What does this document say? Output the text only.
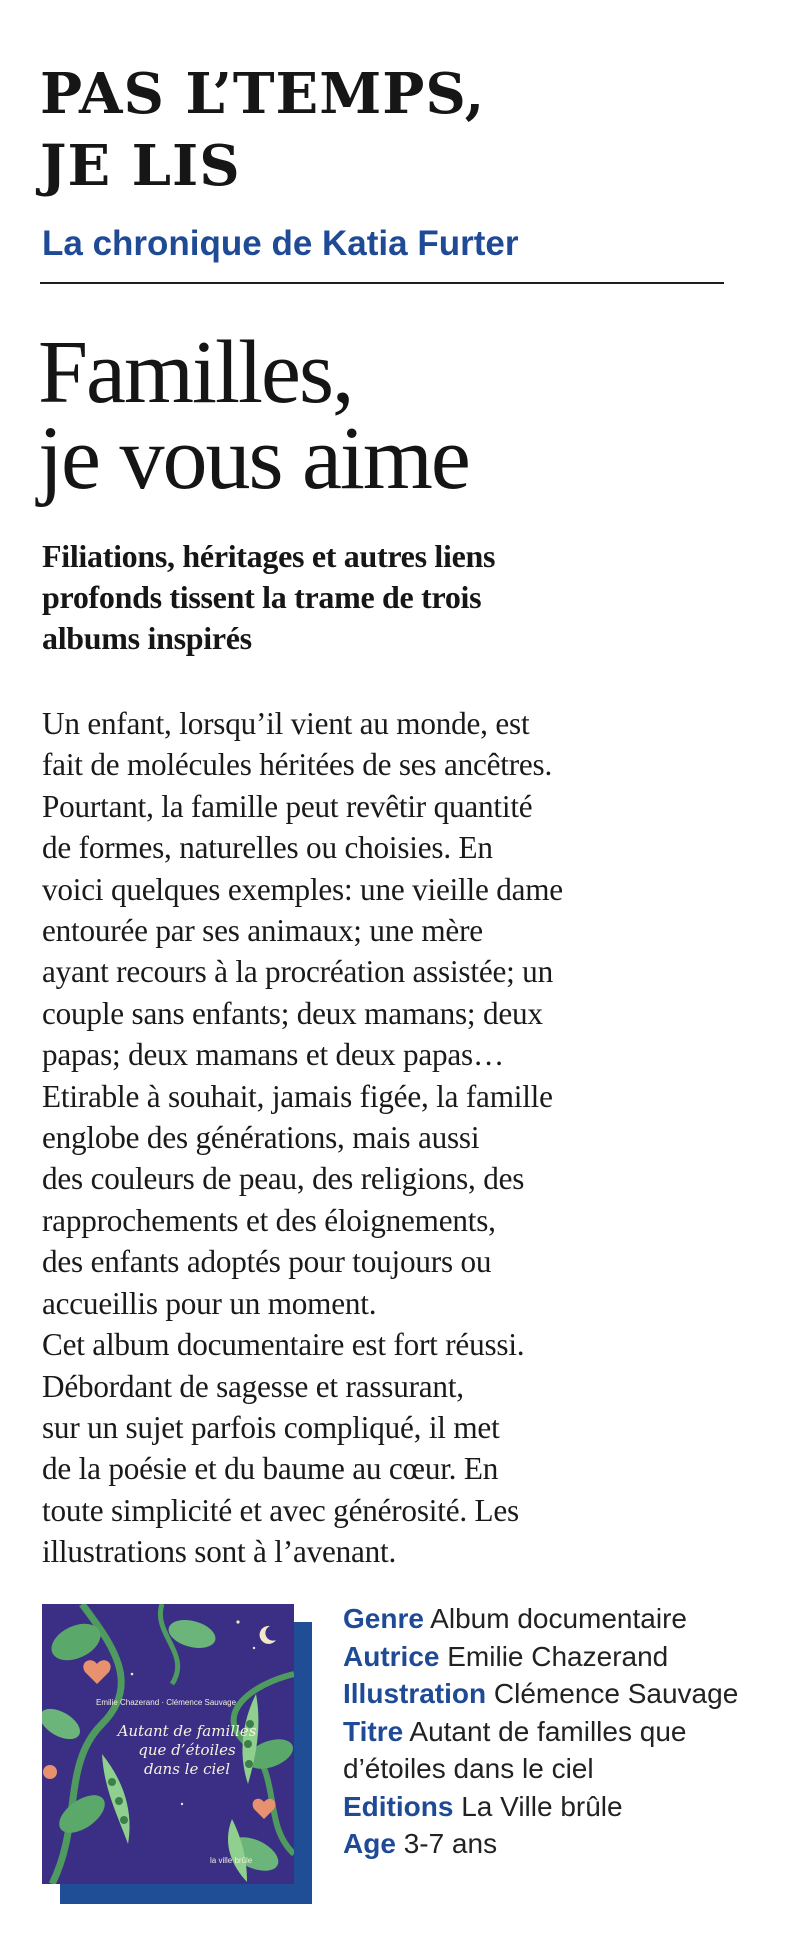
PAS L’TEMPS,
JE LIS
La chronique de Katia Furter
Familles,
je vous aime
Filiations, héritages et autres liens
profonds tissent la trame de trois
albums inspirés
Un enfant, lorsqu’il vient au monde, est
fait de molécules héritées de ses ancêtres.
Pourtant, la famille peut revêtir quantité
de formes, naturelles ou choisies. En
voici quelques exemples: une vieille dame
entourée par ses animaux; une mère
ayant recours à la procréation assistée; un
couple sans enfants; deux mamans; deux
papas; deux mamans et deux papas…
Etirable à souhait, jamais figée, la famille
englobe des générations, mais aussi
des couleurs de peau, des religions, des
rapprochements et des éloignements,
des enfants adoptés pour toujours ou
accueillis pour un moment.
Cet album documentaire est fort réussi.
Débordant de sagesse et rassurant,
sur un sujet parfois compliqué, il met
de la poésie et du baume au cœur. En
toute simplicité et avec générosité. Les
illustrations sont à l’avenant.
Emilie Chazerand · Clémence Sauvage
Autant de familles
que d’étoiles
dans le ciel
la ville brûle
Genre Album documentaire
Autrice Emilie Chazerand
Illustration Clémence Sauvage
Titre Autant de familles que d’étoiles dans le ciel
Editions La Ville brûle
Age 3-7 ans
